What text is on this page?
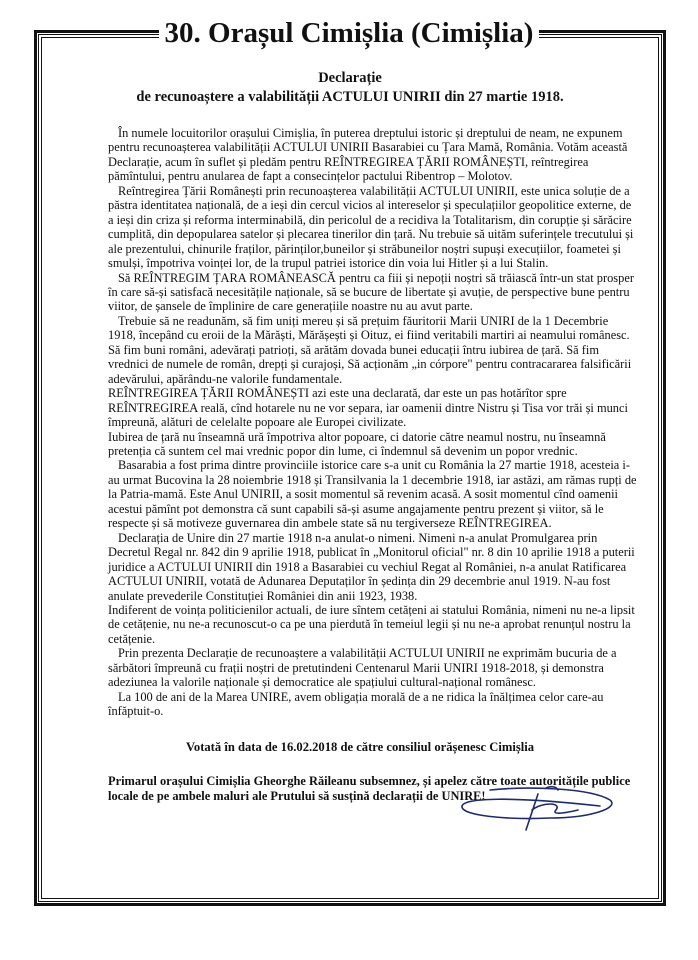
30. Orașul Cimișlia (Cimișlia)
Declarație
de recunoaștere a valabilității ACTULUI UNIRII din 27 martie 1918.

În numele locuitorilor orașului Cimișlia, în puterea dreptului istoric și dreptului de neam, ne expunem pentru recunoașterea valabilității ACTULUI UNIRII Basarabiei cu Țara Mamă, România. Votăm această Declarație, acum în suflet și pledăm pentru REÎNTREGIREA ȚĂRII ROMÂNEȘTI, reîntregirea pămîntului, pentru anularea de fapt a consecințelor pactului Ribentrop – Molotov.

Reîntregirea Țării Românești prin recunoașterea valabilității ACTULUI UNIRII, este unica soluție de a păstra identitatea națională, de a ieși din cercul vicios al intereselor și speculațiilor geopolitice externe, de a ieși din criza și reforma interminabilă, din pericolul de a recidiva la Totalitarism, din corupție și sărăcire cumplită, din depopularea satelor și plecarea tinerilor din țară. Nu trebuie să uităm suferințele trecutului și ale prezentului, chinurile fraților, părinților,buneilor și străbuneilor noștri supuși execuțiilor, foametei și smulși, împotriva voinței lor, de la trupul patriei istorice din voia lui Hitler și a lui Stalin.

Să REÎNTREGIM ȚARA ROMÂNEASCĂ pentru ca fiii și nepoții noștri să trăiască într-un stat prosper în care să-și satisfacă necesitățile naționale, să se bucure de libertate și avuție, de perspective bune pentru viitor, de șansele de împlinire de care generațiile noastre nu au avut parte.

Trebuie să ne readunăm, să fim uniți mereu și să prețuim făuritorii Marii UNIRI de la 1 Decembrie 1918, începând cu eroii de la Mărăști, Mărășești și Oituz, ei fiind veritabili martiri ai neamului românesc. Să fim buni români, adevărați patrioți, să arătăm dovada bunei educații întru iubirea de țară. Să fim vrednici de numele de român, drepți și curajoși, Să acționăm „in córpore" pentru contracararea falsificării adevărului, apărându-ne valorile fundamentale.

REÎNTREGIREA ȚĂRII ROMÂNEȘTI azi este una declarată, dar este un pas hotărîtor spre REÎNTREGIREA reală, cînd hotarele nu ne vor separa, iar oamenii dintre Nistru și Tisa vor trăi și munci împreună, alături de celelalte popoare ale Europei civilizate.

Iubirea de țară nu înseamnă ură împotriva altor popoare, ci datorie către neamul nostru, nu înseamnă pretenția că suntem cel mai vrednic popor din lume, ci îndemnul să devenim un popor vrednic.

Basarabia a fost prima dintre provinciile istorice care s-a unit cu România la 27 martie 1918, acesteia i-au urmat Bucovina la 28 noiembrie 1918 și Transilvania la 1 decembrie 1918, iar astăzi, am rămas rupți de la Patria-mamă. Este Anul UNIRII, a sosit momentul să revenim acasă. A sosit momentul cînd oamenii acestui pămînt pot demonstra că sunt capabili să-și asume angajamente pentru prezent și viitor, să le respecte și să motiveze guvernarea din ambele state să nu tergiverseze REÎNTREGIREA.

Declarația de Unire din 27 martie 1918 n-a anulat-o nimeni. Nimeni n-a anulat Promulgarea prin Decretul Regal nr. 842 din 9 aprilie 1918, publicat în „Monitorul oficial" nr. 8 din 10 aprilie 1918 a puterii juridice a ACTULUI UNIRII din 1918 a Basarabiei cu vechiul Regat al României, n-a anulat Ratificarea ACTULUI UNIRII, votată de Adunarea Deputaților în ședința din 29 decembrie anul 1919. N-au fost anulate prevederile Constituției României din anii 1923, 1938.

Indiferent de voința politicienilor actuali, de iure sîntem cetățeni ai statului România, nimeni nu ne-a lipsit de cetățenie, nu ne-a recunoscut-o ca pe una pierdută în temeiul legii și nu ne-a aprobat renunțul nostru la cetățenie.

Prin prezenta Declarație de recunoaștere a valabilității ACTULUI UNIRII ne exprimăm bucuria de a sărbători împreună cu frații noștri de pretutindeni Centenarul Marii UNIRI 1918-2018, și demonstra adeziunea la valorile naționale și democratice ale spațiului cultural-național românesc.

La 100 de ani de la Marea UNIRE, avem obligația morală de a ne ridica la înălțimea celor care-au înfăptuit-o.

Votată în data de 16.02.2018 de către consiliul orășenesc Cimișlia
Primarul orașului Cimișlia Gheorghe Răileanu subsemnez, și apelez către toate autoritățile publice locale de pe ambele maluri ale Prutului să susțină declarații de UNIRE!
